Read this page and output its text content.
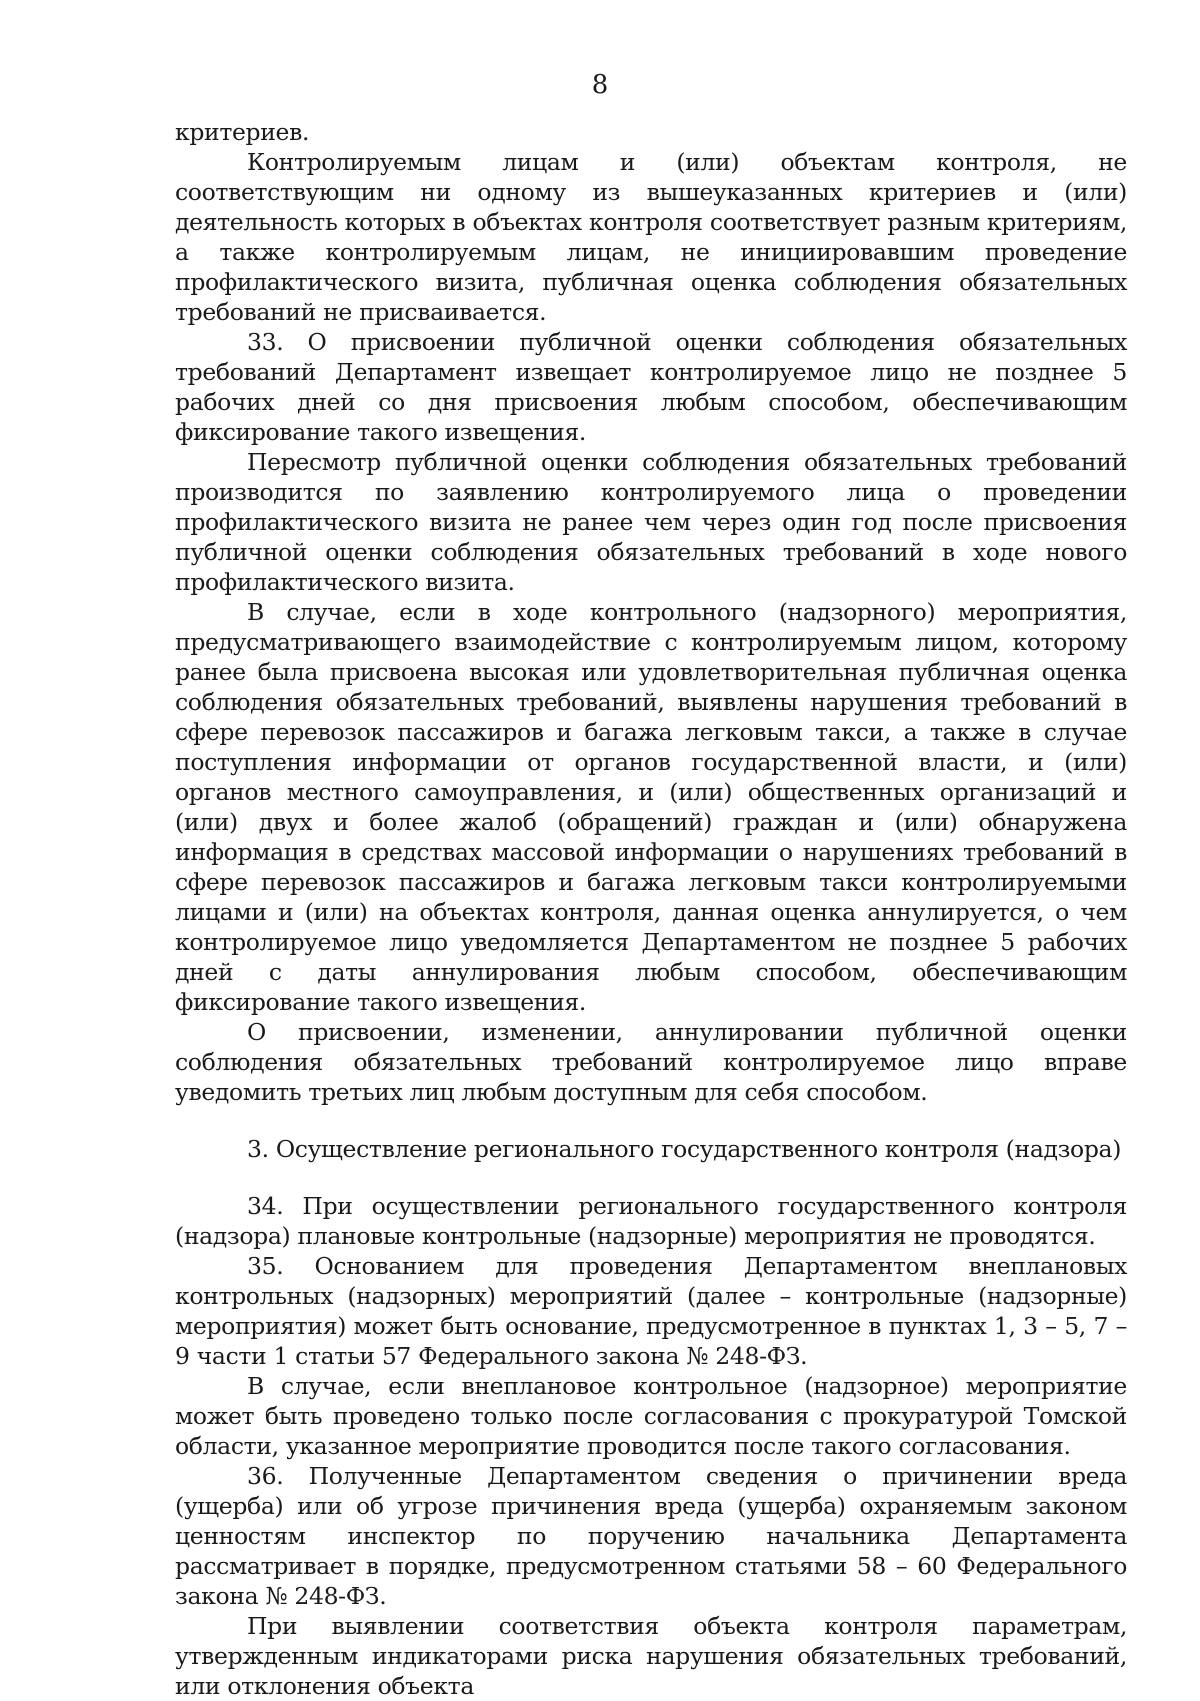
8

критериев.

Контролируемым лицам и (или) объектам контроля, не соответствующим ни одному из вышеуказанных критериев и (или) деятельность которых в объектах контроля соответствует разным критериям, а также контролируемым лицам, не инициировавшим проведение профилактического визита, публичная оценка соблюдения обязательных требований не присваивается.

33. О присвоении публичной оценки соблюдения обязательных требований Департамент извещает контролируемое лицо не позднее 5 рабочих дней со дня присвоения любым способом, обеспечивающим фиксирование такого извещения.

Пересмотр публичной оценки соблюдения обязательных требований производится по заявлению контролируемого лица о проведении профилактического визита не ранее чем через один год после присвоения публичной оценки соблюдения обязательных требований в ходе нового профилактического визита.

В случае, если в ходе контрольного (надзорного) мероприятия, предусматривающего взаимодействие с контролируемым лицом, которому ранее была присвоена высокая или удовлетворительная публичная оценка соблюдения обязательных требований, выявлены нарушения требований в сфере перевозок пассажиров и багажа легковым такси, а также в случае поступления информации от органов государственной власти, и (или) органов местного самоуправления, и (или) общественных организаций и (или) двух и более жалоб (обращений) граждан и (или) обнаружена информация в средствах массовой информации о нарушениях требований в сфере перевозок пассажиров и багажа легковым такси контролируемыми лицами и (или) на объектах контроля, данная оценка аннулируется, о чем контролируемое лицо уведомляется Департаментом не позднее 5 рабочих дней с даты аннулирования любым способом, обеспечивающим фиксирование такого извещения.

О присвоении, изменении, аннулировании публичной оценки соблюдения обязательных требований контролируемое лицо вправе уведомить третьих лиц любым доступным для себя способом.

3. Осуществление регионального государственного контроля (надзора)

34. При осуществлении регионального государственного контроля (надзора) плановые контрольные (надзорные) мероприятия не проводятся.

35. Основанием для проведения Департаментом внеплановых контрольных (надзорных) мероприятий (далее – контрольные (надзорные) мероприятия) может быть основание, предусмотренное в пунктах 1, 3 – 5, 7 – 9 части 1 статьи 57 Федерального закона № 248-ФЗ.

В случае, если внеплановое контрольное (надзорное) мероприятие может быть проведено только после согласования с прокуратурой Томской области, указанное мероприятие проводится после такого согласования.

36. Полученные Департаментом сведения о причинении вреда (ущерба) или об угрозе причинения вреда (ущерба) охраняемым законом ценностям инспектор по поручению начальника Департамента рассматривает в порядке, предусмотренном статьями 58 – 60 Федерального закона № 248-ФЗ.

При выявлении соответствия объекта контроля параметрам, утвержденным индикаторами риска нарушения обязательных требований, или отклонения объекта
